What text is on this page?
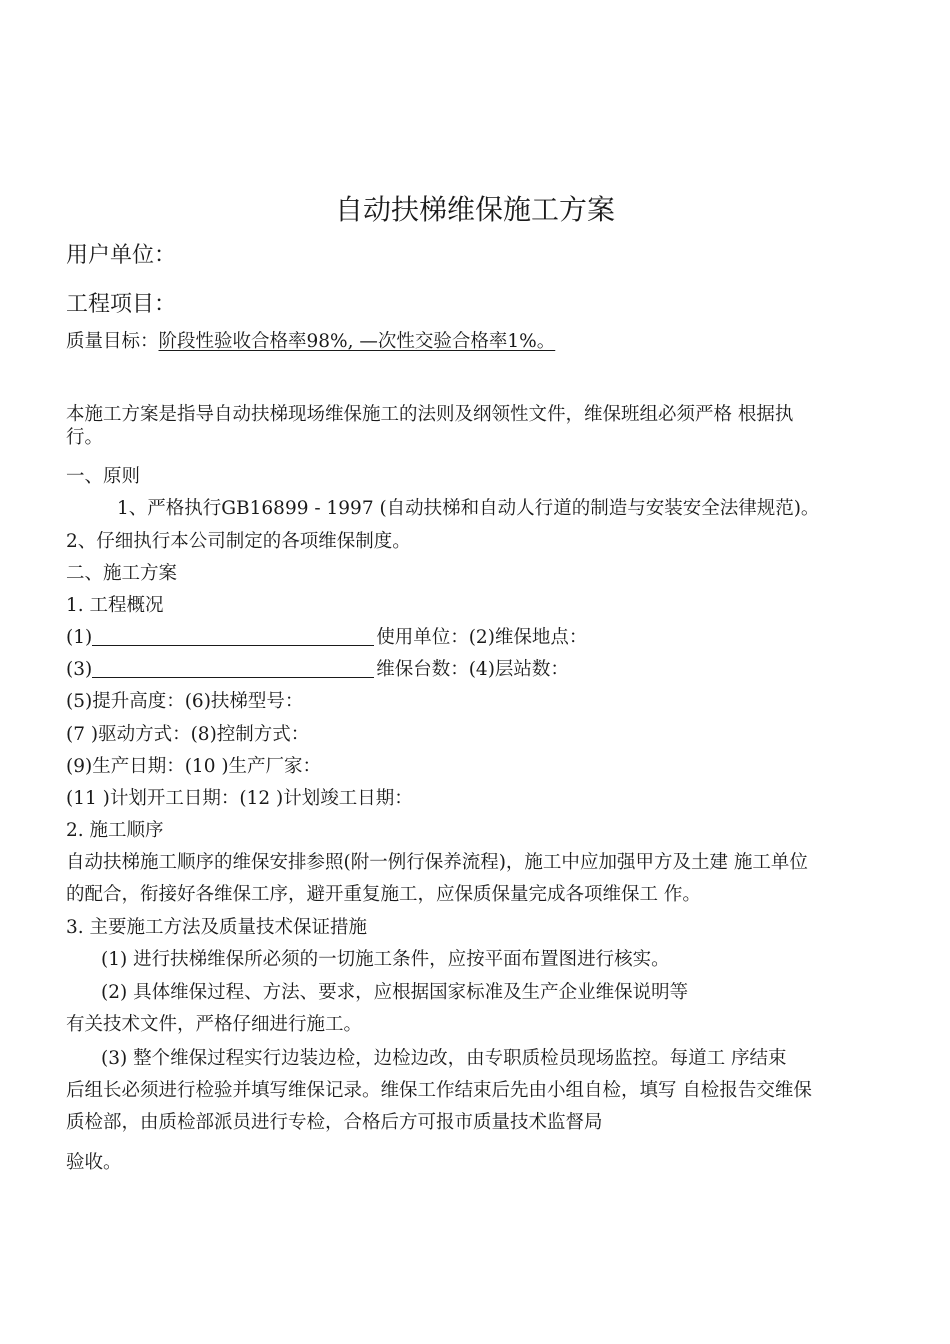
自动扶梯维保施工方案
用户单位：
工程项目：
质量目标：阶段性验收合格率98%, —次性交验合格率1%。
本施工方案是指导自动扶梯现场维保施工的法则及纲领性文件，维保班组必须严格 根据执
行。
一、原则
1、严格执行GB16899 - 1997 (自动扶梯和自动人行道的制造与安装安全法律规范)。
2、仔细执行本公司制定的各项维保制度。
二、施工方案
1. 工程概况
(1)	使用单位：(2)维保地点：
(3)	维保台数：(4)层站数：
(5)提升高度：(6)扶梯型号：
(7 )驱动方式：(8)控制方式：
(9)生产日期：(10 )生产厂家：
(11 )计划开工日期：(12 )计划竣工日期：
2. 施工顺序
自动扶梯施工顺序的维保安排参照(附一例行保养流程)，施工中应加强甲方及土建 施工单位
的配合，衔接好各维保工序，避开重复施工，应保质保量完成各项维保工 作。
3. 主要施工方法及质量技术保证措施
(1) 进行扶梯维保所必须的一切施工条件，应按平面布置图进行核实。
(2) 具体维保过程、方法、要求，应根据国家标准及生产企业维保说明等
有关技术文件，严格仔细进行施工。
(3) 整个维保过程实行边装边检，边检边改，由专职质检员现场监控。每道工 序结束
后组长必须进行检验并填写维保记录。维保工作结束后先由小组自检，填写 自检报告交维保
质检部，由质检部派员进行专检，合格后方可报市质量技术监督局
验收。
